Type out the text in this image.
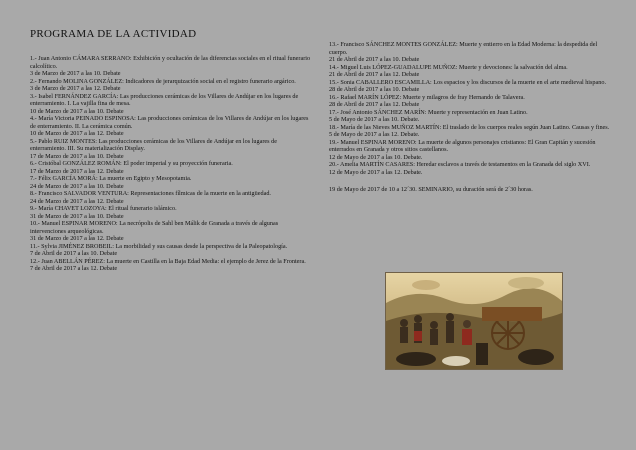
PROGRAMA DE LA ACTIVIDAD
1.- Juan Antonio CÁMARA SERRANO: Exhibición y ocultación de las diferencias sociales en el ritual funerario calcolítico.
3 de Marzo de 2017 a las 10. Debate
2.- Fernando MOLINA GONZÁLEZ: Indicadores de jerarquización social en el registro funerario argárico.
3 de Marzo de 2017 a las 12. Debate
3.- Isabel FERNÁNDEZ GARCÍA: Las producciones cerámicas de los Villares de Andújar en los lugares de enterramiento. I. La vajilla fina de mesa.
10 de Marzo de 2017 a las 10. Debate
4.- María Victoria PEINADO ESPINOSA: Las producciones cerámicas de los Villares de Andújar en los lugares de enterramiento. II. La cerámica común.
10 de Marzo de 2017 a las 12. Debate
5.- Pablo RUIZ MONTES: Las producciones cerámicas de los Villares de Andújar en los lugares de enterramiento. III. Su materialización Display.
17 de Marzo de 2017 a las 10. Debate
6.- Cristóbal GONZÁLEZ ROMÁN: El poder imperial y su proyección funeraria.
17 de Marzo de 2017 a las 12. Debate
7.- Félix GARCÍA MORÁ: La muerte en Egipto y Mesopotamia.
24 de Marzo de 2017 a las 10. Debate
8.- Francisco SALVADOR VENTURA: Representaciones fílmicas de la muerte en la antigüedad.
24 de Marzo de 2017 a las 12. Debate
9.- María CHAVET LOZOYA: El ritual funerario islámico.
31 de Marzo de 2017 a las 10. Debate
10.- Manuel ESPINAR MORENO: La necrópolis de Sahl ben Málik de Granada a través de algunas intervenciones arqueológicas.
31 de Marzo de 2017 a las 12. Debate
11.- Sylvia JIMÉNEZ BROBEIL: La morbilidad y sus causas desde la perspectiva de la Paleopatología.
7 de Abril de 2017 a las 10. Debate
12.- Juan ABELLÁN PÉREZ: La muerte en Castilla en la Baja Edad Media: el ejemplo de Jerez de la Frontera.
7 de Abril de 2017 a las 12. Debate
13.- Francisco SÁNCHEZ MONTES GONZÁLEZ: Muerte y entierro en la Edad Moderna: la despedida del cuerpo.
21 de Abril de 2017 a las 10. Debate
14.- Miguel Luis LÓPEZ-GUADALUPE MUÑOZ: Muerte y devociones: la salvación del alma.
21 de Abril de 2017 a las 12. Debate
15.- Sonia CABALLERO ESCAMILLA: Los espacios y los discursos de la muerte en el arte medieval hispano.
28 de Abril de 2017 a las 10. Debate
16.- Rafael MARÍN LÓPEZ: Muerte y milagros de fray Hernando de Talavera.
28 de Abril de 2017 a las 12. Debate
17.- José Antonio SÁNCHEZ MARÍN: Muerte y representación en Juan Latino.
5 de Mayo de 2017 a las 10. Debate.
18.- María de las Nieves MUÑOZ MARTÍN: El traslado de los cuerpos reales según Juan Latino. Causas y fines.
5 de Mayo de 2017 a las 12. Debate.
19.- Manuel ESPINAR MORENO: La muerte de algunos personajes cristianos: El Gran Capitán y sucesión enterrados en Granada y otros sitios castellanos.
12 de Mayo de 2017 a las 10. Debate.
20.- Amelia MARTÍN CASARES: Heredar esclavos a través de testamentos en la Granada del siglo XVI.
12 de Mayo de 2017 a las 12. Debate.
19 de Mayo de 2017 de 10 a 12´30. SEMINARIO, su duración será de 2´30 horas.
